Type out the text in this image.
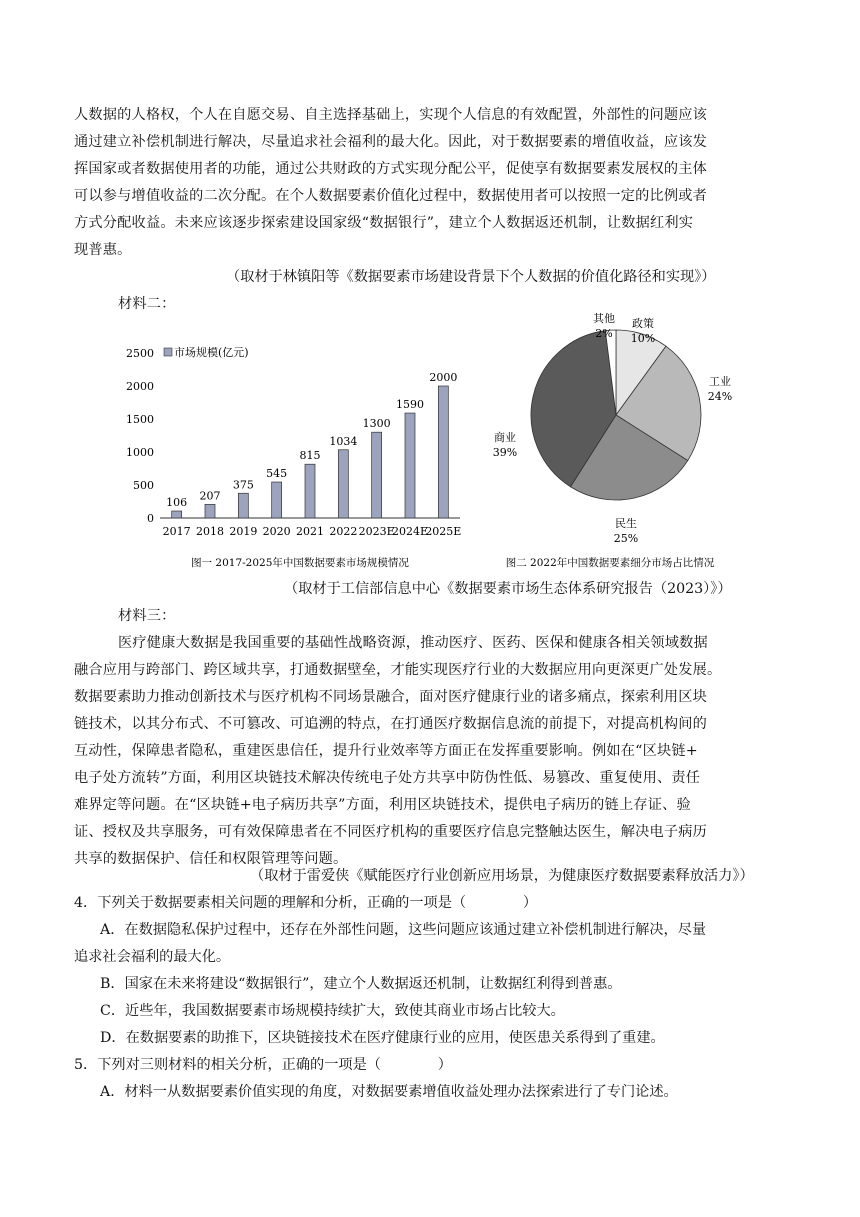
人数据的人格权，个人在自愿交易、自主选择基础上，实现个人信息的有效配置，外部性的问题应该
通过建立补偿机制进行解决，尽量追求社会福利的最大化。因此，对于数据要素的增值收益，应该发
挥国家或者数据使用者的功能，通过公共财政的方式实现分配公平，促使享有数据要素发展权的主体
可以参与增值收益的二次分配。在个人数据要素价值化过程中，数据使用者可以按照一定的比例或者
方式分配收益。未来应该逐步探索建设国家级“数据银行”，建立个人数据返还机制，让数据红利实
现普惠。
（取材于林镇阳等《数据要素市场建设背景下个人数据的价值化路径和实现》）
材料二：
0
500
1000
1500
2000
2500 市场规模(亿元)
106
2017
207
2018
375
2019
545
2020
815
2021
1034
2022
1300
2023E
1590
2024E
2000
2025E
图一 2017-2025年中国数据要素市场规模情况
政策
10%
工业
24%
民生
25%
商业
39%
其他
2%
图二 2022年中国数据要素细分市场占比情况
（取材于工信部信息中心《数据要素市场生态体系研究报告（2023）》）
材料三：
医疗健康大数据是我国重要的基础性战略资源，推动医疗、医药、医保和健康各相关领域数据
融合应用与跨部门、跨区域共享，打通数据壁垒，才能实现医疗行业的大数据应用向更深更广处发展。
数据要素助力推动创新技术与医疗机构不同场景融合，面对医疗健康行业的诸多痛点，探索利用区块
链技术，以其分布式、不可篡改、可追溯的特点，在打通医疗数据信息流的前提下，对提高机构间的
互动性，保障患者隐私，重建医患信任，提升行业效率等方面正在发挥重要影响。例如在“区块链+
电子处方流转”方面，利用区块链技术解决传统电子处方共享中防伪性低、易篡改、重复使用、责任
难界定等问题。在“区块链+电子病历共享”方面，利用区块链技术，提供电子病历的链上存证、验
证、授权及共享服务，可有效保障患者在不同医疗机构的重要医疗信息完整触达医生，解决电子病历
共享的数据保护、信任和权限管理等问题。
（取材于雷爱侠《赋能医疗行业创新应用场景，为健康医疗数据要素释放活力》）
4．下列关于数据要素相关问题的理解和分析，正确的一项是（　　　　）
A．在数据隐私保护过程中，还存在外部性问题，这些问题应该通过建立补偿机制进行解决，尽量
追求社会福利的最大化。
B．国家在未来将建设“数据银行”，建立个人数据返还机制，让数据红利得到普惠。
C．近些年，我国数据要素市场规模持续扩大，致使其商业市场占比较大。
D．在数据要素的助推下，区块链接技术在医疗健康行业的应用，使医患关系得到了重建。
5．下列对三则材料的相关分析，正确的一项是（　　　　）
A．材料一从数据要素价值实现的角度，对数据要素增值收益处理办法探索进行了专门论述。
